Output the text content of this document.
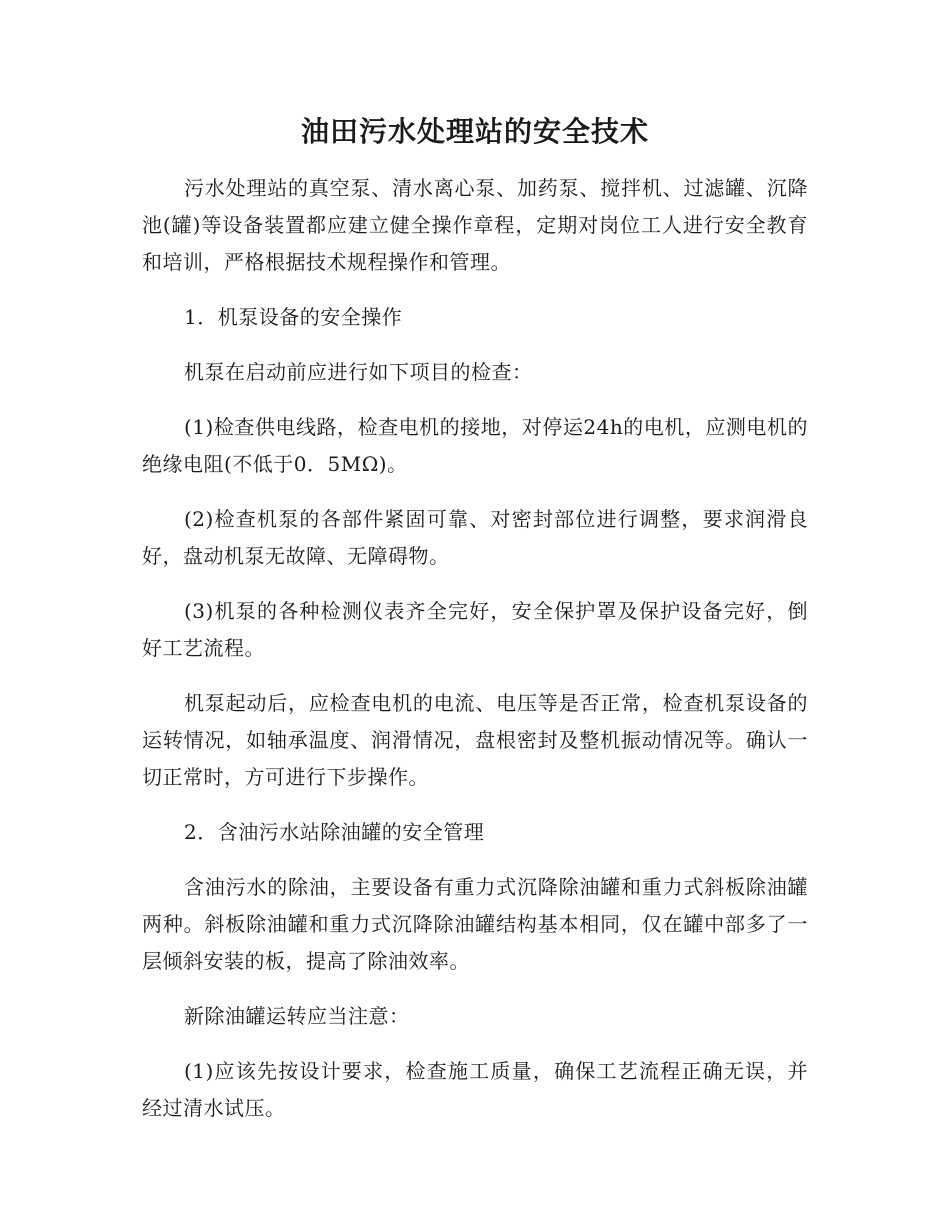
油田污水处理站的安全技术

污水处理站的真空泵、清水离心泵、加药泵、搅拌机、过滤罐、沉降池(罐)等设备装置都应建立健全操作章程，定期对岗位工人进行安全教育和培训，严格根据技术规程操作和管理。

1．机泵设备的安全操作

机泵在启动前应进行如下项目的检查：

(1)检查供电线路，检查电机的接地，对停运24h的电机，应测电机的绝缘电阻(不低于0．5MΩ)。

(2)检查机泵的各部件紧固可靠、对密封部位进行调整，要求润滑良好，盘动机泵无故障、无障碍物。

(3)机泵的各种检测仪表齐全完好，安全保护罩及保护设备完好，倒好工艺流程。

机泵起动后，应检查电机的电流、电压等是否正常，检查机泵设备的运转情况，如轴承温度、润滑情况，盘根密封及整机振动情况等。确认一切正常时，方可进行下步操作。

2．含油污水站除油罐的安全管理

含油污水的除油，主要设备有重力式沉降除油罐和重力式斜板除油罐两种。斜板除油罐和重力式沉降除油罐结构基本相同，仅在罐中部多了一层倾斜安装的板，提高了除油效率。

新除油罐运转应当注意：

(1)应该先按设计要求，检查施工质量，确保工艺流程正确无误，并经过清水试压。
